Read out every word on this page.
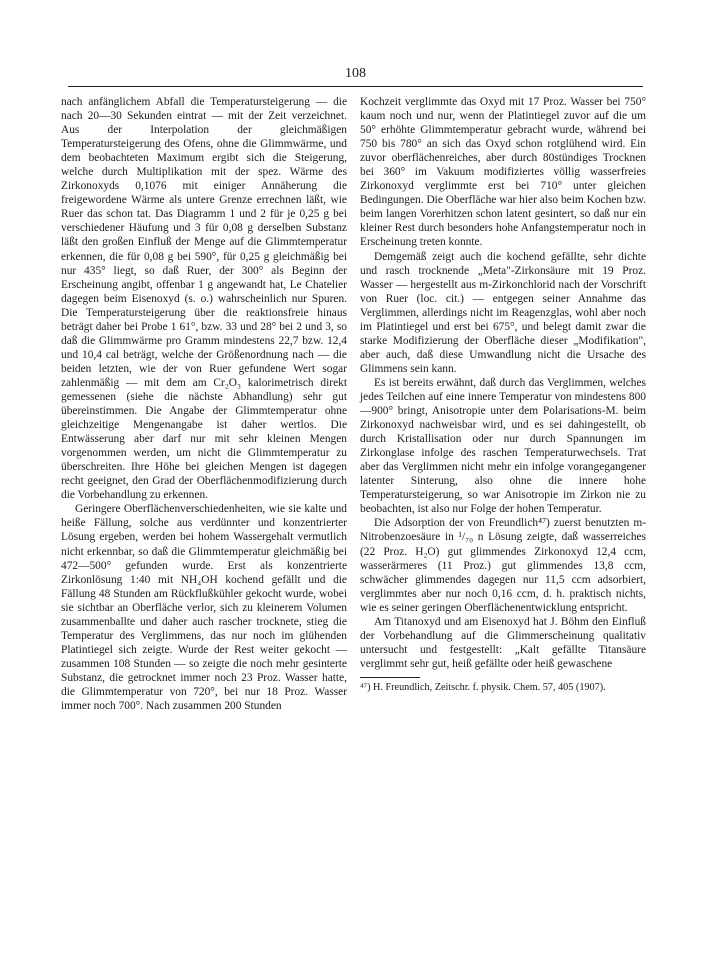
108

nach anfänglichem Abfall die Temperatursteigerung — die nach 20—30 Sekunden eintrat — mit der Zeit verzeichnet. Aus der Interpolation der gleichmäßigen Temperatursteigerung des Ofens, ohne die Glimmwärme, und dem beobachteten Maximum ergibt sich die Steigerung, welche durch Multiplikation mit der spez. Wärme des Zirkonoxyds 0,1076 mit einiger Annäherung die freigewordene Wärme als untere Grenze errechnen läßt, wie Ruer das schon tat. Das Diagramm 1 und 2 für je 0,25 g bei verschiedener Häufung und 3 für 0,08 g derselben Substanz läßt den großen Einfluß der Menge auf die Glimmtemperatur erkennen, die für 0,08 g bei 590°, für 0,25 g gleichmäßig bei nur 435° liegt, so daß Ruer, der 300° als Beginn der Erscheinung angibt, offenbar 1 g angewandt hat, Le Chatelier dagegen beim Eisenoxyd (s. o.) wahrscheinlich nur Spuren. Die Temperatursteigerung über die reaktionsfreie hinaus beträgt daher bei Probe 1 61°, bzw. 33 und 28° bei 2 und 3, so daß die Glimmwärme pro Gramm mindestens 22,7 bzw. 12,4 und 10,4 cal beträgt, welche der Größenordnung nach — die beiden letzten, wie der von Ruer gefundene Wert sogar zahlenmäßig — mit dem am Cr₂O₃ kalorimetrisch direkt gemessenen (siehe die nächste Abhandlung) sehr gut übereinstimmen. Die Angabe der Glimmtemperatur ohne gleichzeitige Mengenangabe ist daher wertlos. Die Entwässerung aber darf nur mit sehr kleinen Mengen vorgenommen werden, um nicht die Glimmtemperatur zu überschreiten. Ihre Höhe bei gleichen Mengen ist dagegen recht geeignet, den Grad der Oberflächenmodifizierung durch die Vorbehandlung zu erkennen.

Geringere Oberflächenverschiedenheiten, wie sie kalte und heiße Fällung, solche aus verdünnter und konzentrierter Lösung ergeben, werden bei hohem Wassergehalt vermutlich nicht erkennbar, so daß die Glimmtemperatur gleichmäßig bei 472—500° gefunden wurde. Erst als konzentrierte Zirkonlösung 1:40 mit NH₄OH kochend gefällt und die Fällung 48 Stunden am Rückflußkühler gekocht wurde, wobei sie sichtbar an Oberfläche verlor, sich zu kleinerem Volumen zusammenballte und daher auch rascher trocknete, stieg die Temperatur des Verglimmens, das nur noch im glühenden Platintiegel sich zeigte. Wurde der Rest weiter gekocht — zusammen 108 Stunden — so zeigte die noch mehr gesinterte Substanz, die getrocknet immer noch 23 Proz. Wasser hatte, die Glimmtemperatur von 720°, bei nur 18 Proz. Wasser immer noch 700°. Nach zusammen 200 Stunden

Kochzeit verglimmte das Oxyd mit 17 Proz. Wasser bei 750° kaum noch und nur, wenn der Platintiegel zuvor auf die um 50° erhöhte Glimmtemperatur gebracht wurde, während bei 750 bis 780° an sich das Oxyd schon rotglühend wird. Ein zuvor oberflächenreiches, aber durch 80stündiges Trocknen bei 360° im Vakuum modifiziertes völlig wasserfreies Zirkonoxyd verglimmte erst bei 710° unter gleichen Bedingungen. Die Oberfläche war hier also beim Kochen bzw. beim langen Vorerhitzen schon latent gesintert, so daß nur ein kleiner Rest durch besonders hohe Anfangstemperatur noch in Erscheinung treten konnte.

Demgemäß zeigt auch die kochend gefällte, sehr dichte und rasch trocknende „Meta"-Zirkonsäure mit 19 Proz. Wasser — hergestellt aus m-Zirkonchlorid nach der Vorschrift von Ruer (loc. cit.) — entgegen seiner Annahme das Verglimmen, allerdings nicht im Reagenzglas, wohl aber noch im Platintiegel und erst bei 675°, und belegt damit zwar die starke Modifizierung der Oberfläche dieser „Modifikation", aber auch, daß diese Umwandlung nicht die Ursache des Glimmens sein kann.

Es ist bereits erwähnt, daß durch das Verglimmen, welches jedes Teilchen auf eine innere Temperatur von mindestens 800—900° bringt, Anisotropie unter dem Polarisations-M. beim Zirkonoxyd nachweisbar wird, und es sei dahingestellt, ob durch Kristallisation oder nur durch Spannungen im Zirkonglase infolge des raschen Temperaturwechsels. Trat aber das Verglimmen nicht mehr ein infolge vorangegangener latenter Sinterung, also ohne die innere hohe Temperatursteigerung, so war Anisotropie im Zirkon nie zu beobachten, ist also nur Folge der hohen Temperatur.

Die Adsorption der von Freundlich⁴⁷) zuerst benutzten m-Nitrobenzoesäure in ¹/₇₀ n Lösung zeigte, daß wasserreiches (22 Proz. H₂O) gut glimmendes Zirkonoxyd 12,4 ccm, wasserärmeres (11 Proz.) gut glimmendes 13,8 ccm, schwächer glimmendes dagegen nur 11,5 ccm adsorbiert, verglimmtes aber nur noch 0,16 ccm, d. h. praktisch nichts, wie es seiner geringen Oberflächenentwicklung entspricht.

Am Titanoxyd und am Eisenoxyd hat J. Böhm den Einfluß der Vorbehandlung auf die Glimmerscheinung qualitativ untersucht und festgestellt: „Kalt gefällte Titansäure verglimmt sehr gut, heiß gefällte oder heiß gewaschene

⁴⁷) H. Freundlich, Zeitschr. f. physik. Chem. 57, 405 (1907).
